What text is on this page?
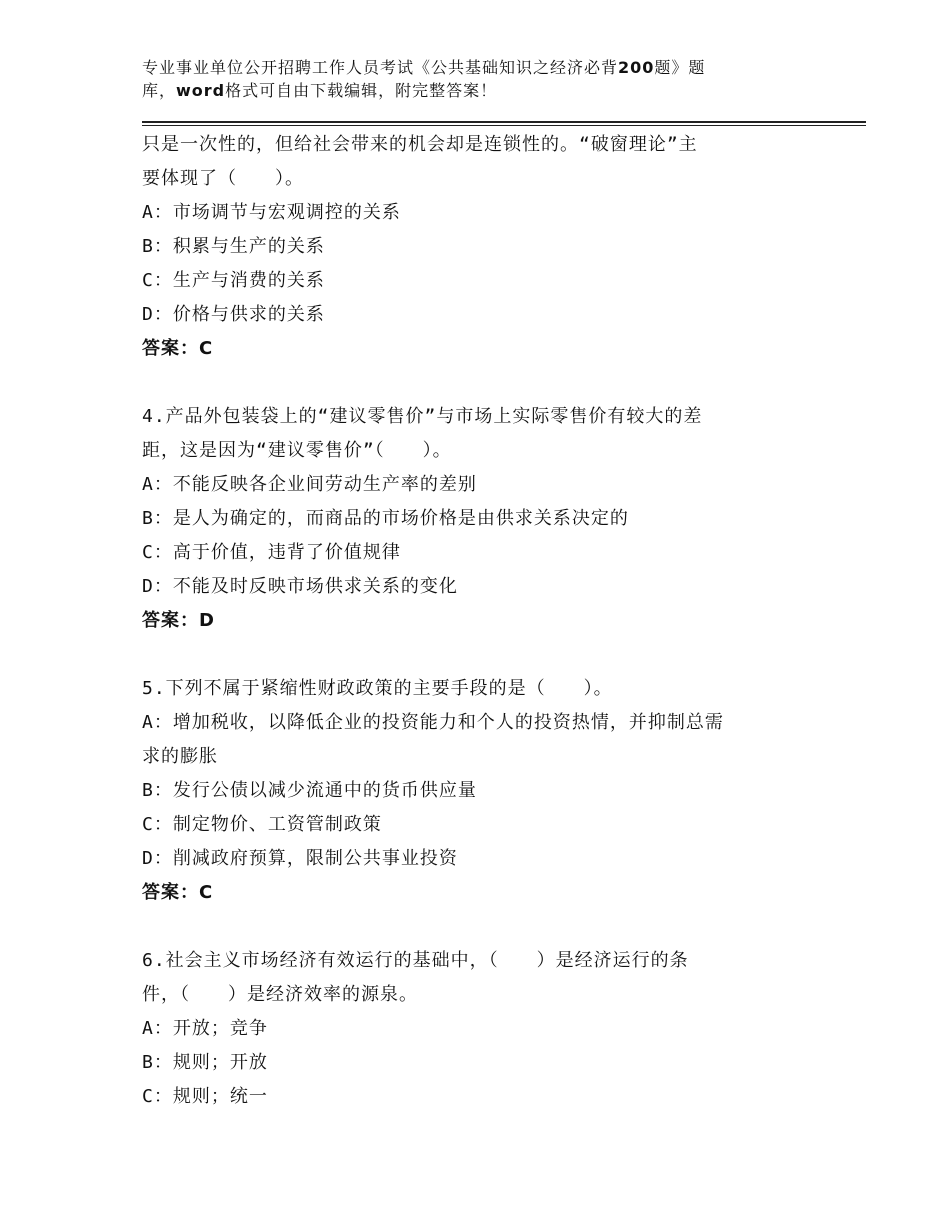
专业事业单位公开招聘工作人员考试《公共基础知识之经济必背200题》题
库，word格式可自由下载编辑，附完整答案！
只是一次性的，但给社会带来的机会却是连锁性的。“破窗理论”主
要体现了（　　）。
A：市场调节与宏观调控的关系
B：积累与生产的关系
C：生产与消费的关系
D：价格与供求的关系
答案：C
4.产品外包装袋上的“建议零售价”与市场上实际零售价有较大的差
距，这是因为“建议零售价”（　　）。
A：不能反映各企业间劳动生产率的差别
B：是人为确定的，而商品的市场价格是由供求关系决定的
C：高于价值，违背了价值规律
D：不能及时反映市场供求关系的变化
答案：D
5.下列不属于紧缩性财政政策的主要手段的是（　　）。
A：增加税收，以降低企业的投资能力和个人的投资热情，并抑制总需
求的膨胀
B：发行公债以减少流通中的货币供应量
C：制定物价、工资管制政策
D：削减政府预算，限制公共事业投资
答案：C
6.社会主义市场经济有效运行的基础中，（　　）是经济运行的条
件，（　　）是经济效率的源泉。
A：开放；竞争
B：规则；开放
C：规则；统一
